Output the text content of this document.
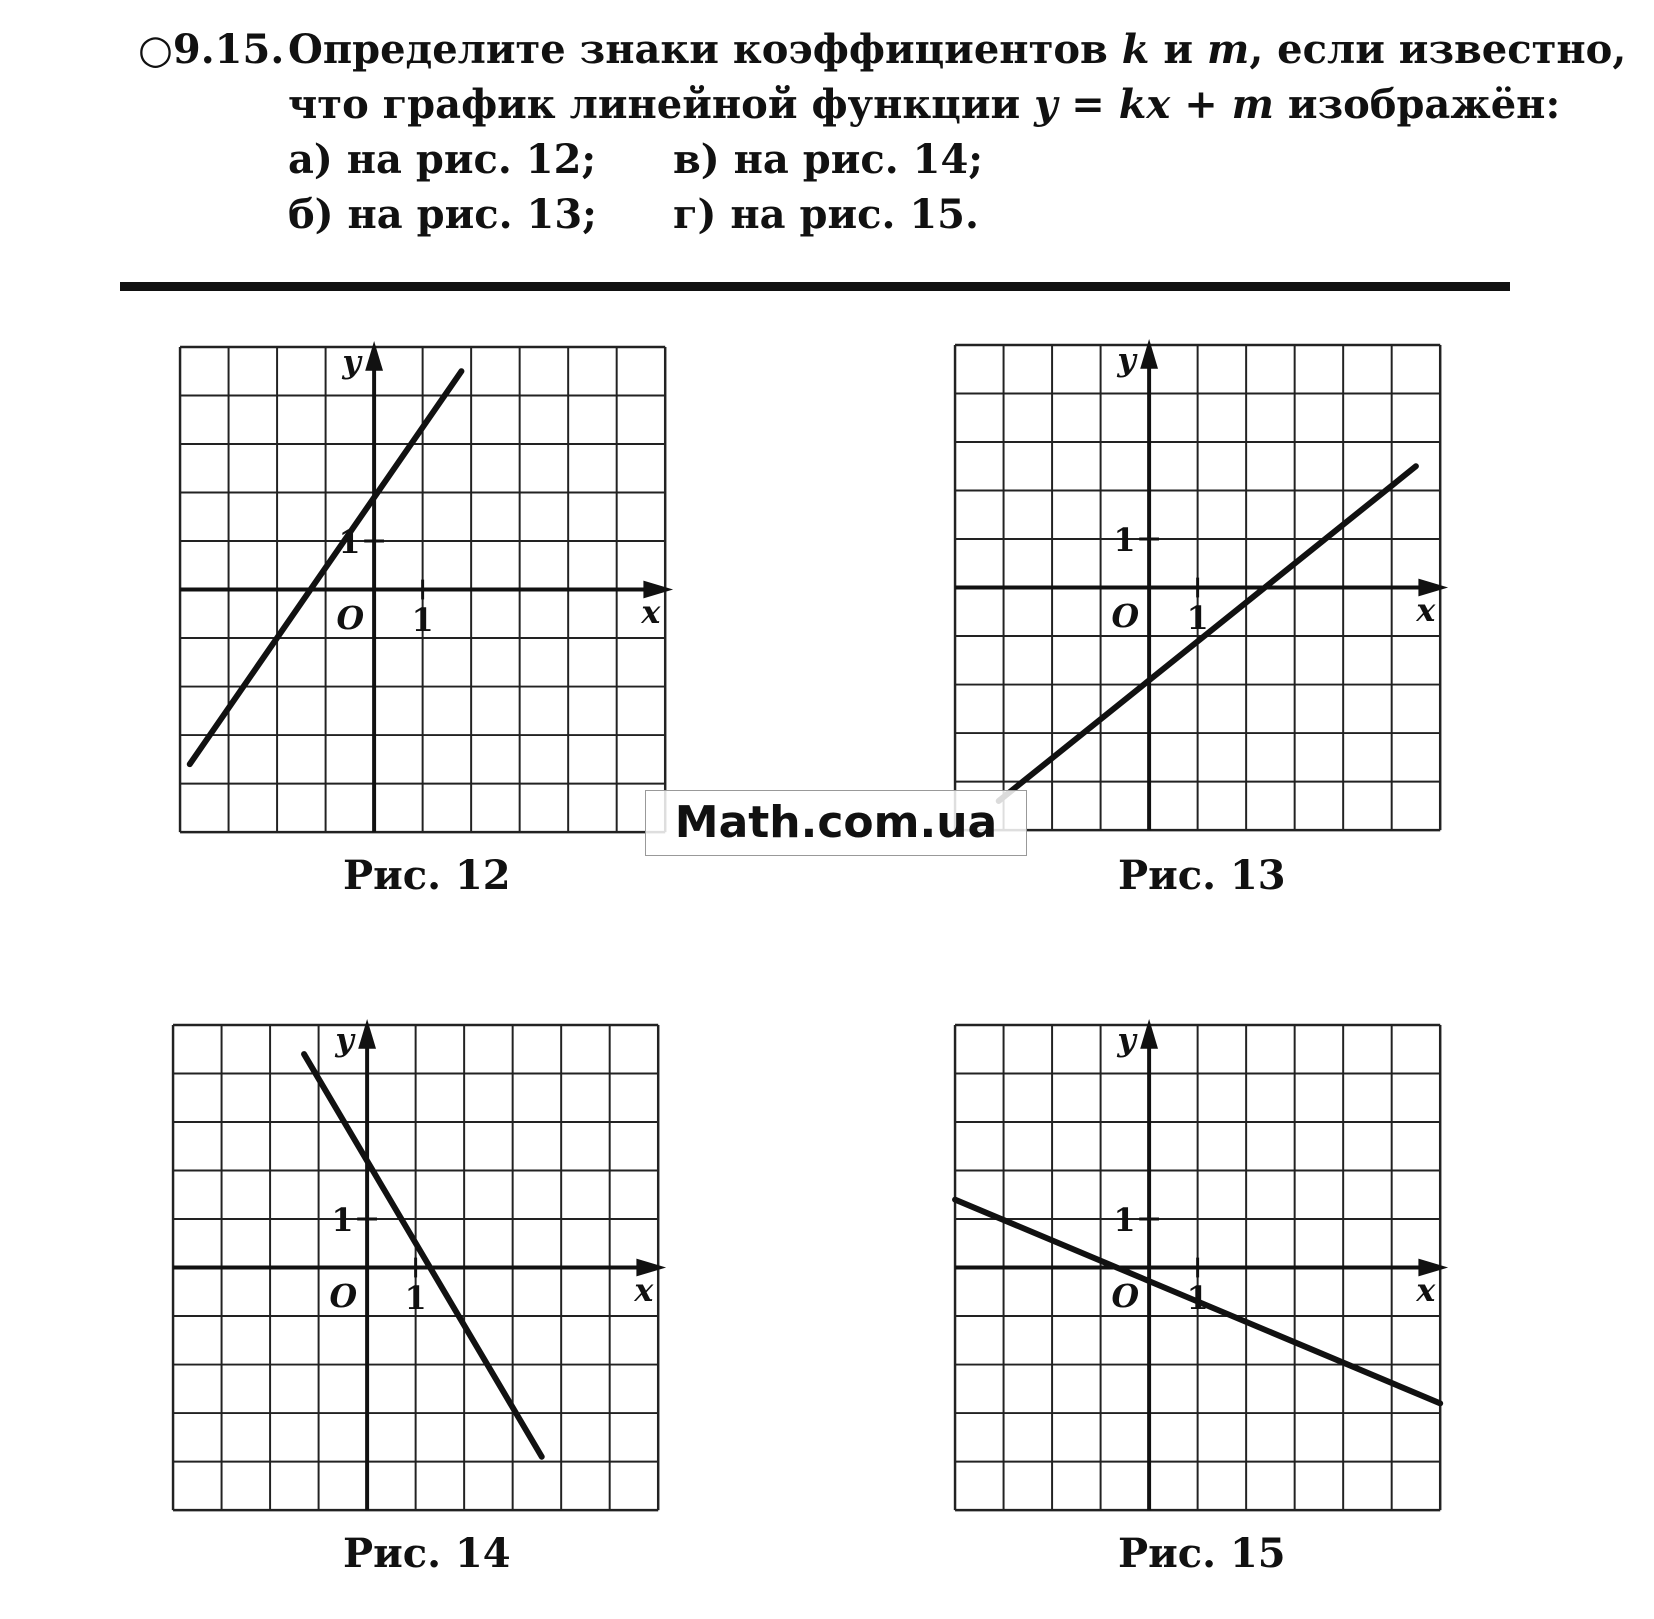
○9.15. Определите знаки коэффициентов k и m, если известно,
что график линейной функции y = kx + m изображён:
а) на рис. 12; в) на рис. 14;
б) на рис. 13; г) на рис. 15.
y
x
O 1
1
y
x
O 1
1
y
x
O 1
1
y
x
O 1
1
Рис. 12	Рис. 13
Рис. 14	Рис. 15
Math.com.ua
